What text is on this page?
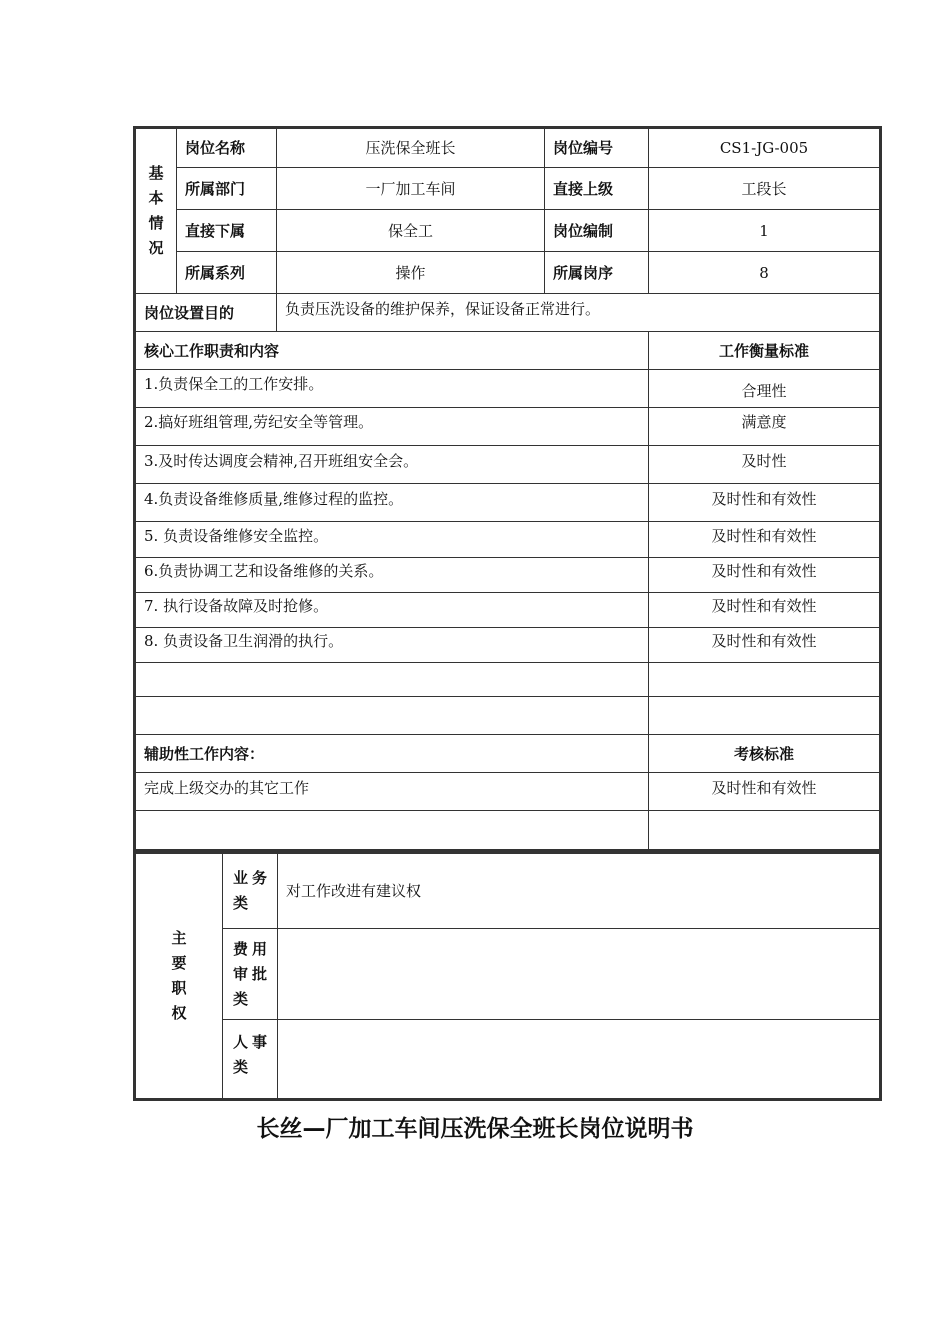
基本情况	岗位名称	压洗保全班长	岗位编号	CS1-JG-005
	所属部门	一厂加工车间	直接上级	工段长
	直接下属	保全工	岗位编制	1
	所属系列	操作	所属岗序	8
岗位设置目的		负责压洗设备的维护保养，保证设备正常进行。		
核心工作职责和内容				工作衡量标准
1.负责保全工的工作安排。				合理性
2.搞好班组管理,劳纪安全等管理。				满意度
3.及时传达调度会精神,召开班组安全会。				及时性
4.负责设备维修质量,维修过程的监控。				及时性和有效性
5. 负责设备维修安全监控。				及时性和有效性
6.负责协调工艺和设备维修的关系。				及时性和有效性
7. 执行设备故障及时抢修。				及时性和有效性
8. 负责设备卫生润滑的执行。				及时性和有效性

辅助性工作内容：				考核标准
完成上级交办的其它工作				及时性和有效性

主要职权	业务类	对工作改进有建议权
	费用审批类	
	人事类	
长丝—厂加工车间压洗保全班长岗位说明书
